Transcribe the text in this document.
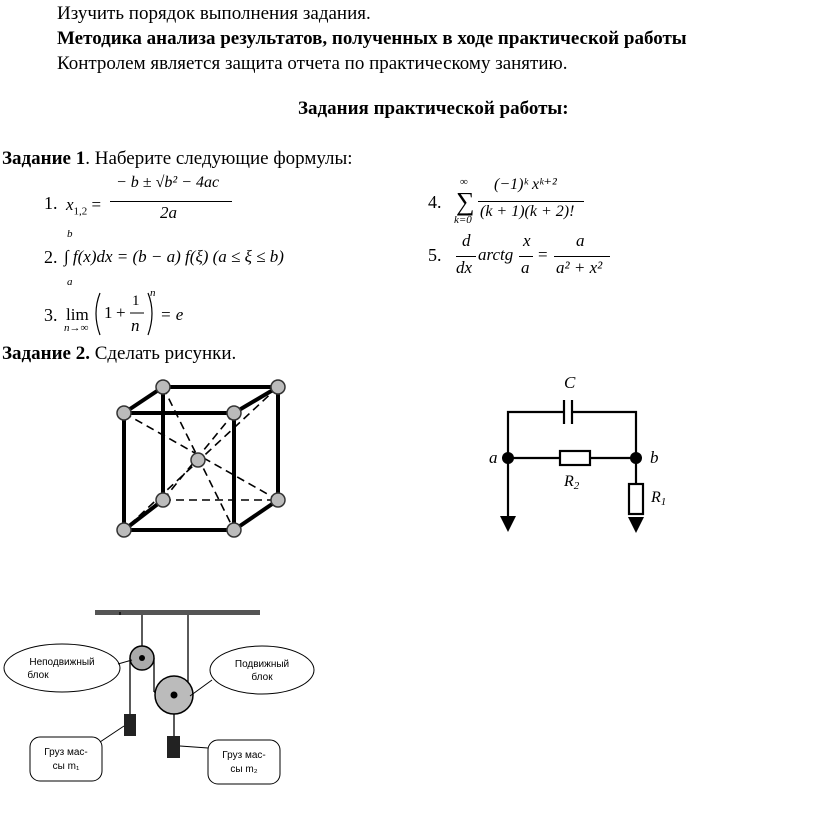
Изучить порядок выполнения задания.
Методика анализа результатов, полученных в ходе практической работы
Контролем является защита отчета по практическому занятию.
Задания практической работы:
Задание 1. Наберите следующие формулы:
1. $x_{1,2}$ =
− b ± √b² − 4ac
2a
2.
b
a
∫ f(x)dx = (b − a) f(ξ) (a ≤ ξ ≤ b)
3. lim
n→∞
1 +
1
n
n
= e
4.
∞
∑
k=0
(−1)ᵏ xᵏ⁺²
(k + 1)(k + 2)!
5.
d
dx
arctg
x
a
=
a
a² + x²
Задание 2. Сделать рисунки.
C
a	b
R2
R1
Неподвижный
блок
Подвижный
блок
Груз мас-
сы m₁
Груз мас-
сы m₂
